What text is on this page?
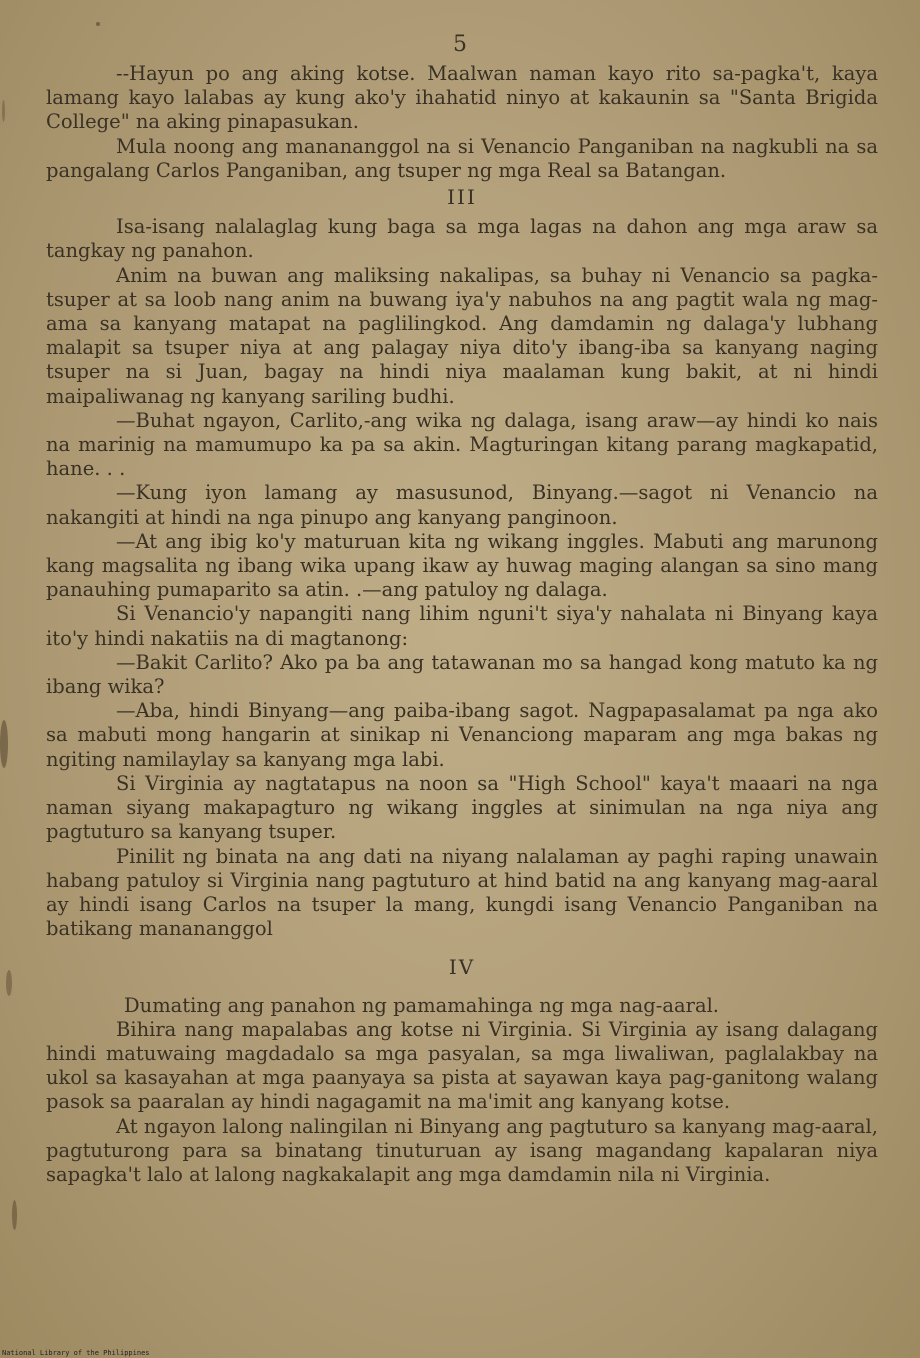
5

--Hayun po ang aking kotse. Maalwan naman kayo rito sa-pagka't, kaya lamang kayo lalabas ay kung ako'y ihahatid ninyo at kakaunin sa "Santa Brigida College" na aking pinapasukan.

Mula noong ang manananggol na si Venancio Panganiban na nagkubli na sa pangalang Carlos Panganiban, ang tsuper ng mga Real sa Batangan.

III

Isa-isang nalalaglag kung baga sa mga lagas na dahon ang mga araw sa tangkay ng panahon.

Anim na buwan ang maliksing nakalipas, sa buhay ni Venancio sa pagka-tsuper at sa loob nang anim na buwang iya'y nabuhos na ang pagtit wala ng mag-ama sa kanyang matapat na paglilingkod. Ang damdamin ng dalaga'y lubhang malapit sa tsuper niya at ang palagay niya dito'y ibang-iba sa kanyang naging tsuper na si Juan, bagay na hindi niya maalaman kung bakit, at ni hindi maipaliwanag ng kanyang sariling budhi.

—Buhat ngayon, Carlito,-ang wika ng dalaga, isang araw—ay hindi ko nais na marinig na mamumupo ka pa sa akin. Magturingan kitang parang magkapatid, hane. . .

—Kung iyon lamang ay masusunod, Binyang.—sagot ni Venancio na nakangiti at hindi na nga pinupo ang kanyang panginoon.

—At ang ibig ko'y maturuan kita ng wikang inggles. Mabuti ang marunong kang magsalita ng ibang wika upang ikaw ay huwag maging alangan sa sino mang panauhing pumaparito sa atin. .—ang patuloy ng dalaga.

Si Venancio'y napangiti nang lihim nguni't siya'y nahalata ni Binyang kaya ito'y hindi nakatiis na di magtanong:

—Bakit Carlito? Ako pa ba ang tatawanan mo sa hangad kong matuto ka ng ibang wika?

—Aba, hindi Binyang—ang paiba-ibang sagot. Nagpapasalamat pa nga ako sa mabuti mong hangarin at sinikap ni Venanciong maparam ang mga bakas ng ngiting namilaylay sa kanyang mga labi.

Si Virginia ay nagtatapus na noon sa "High School" kaya't maaari na nga naman siyang makapagturo ng wikang inggles at sinimulan na nga niya ang pagtuturo sa kanyang tsuper.

Pinilit ng binata na ang dati na niyang nalalaman ay paghi raping unawain habang patuloy si Virginia nang pagtuturo at hind batid na ang kanyang mag-aaral ay hindi isang Carlos na tsuper la mang, kungdi isang Venancio Panganiban na batikang manananggol

IV

Dumating ang panahon ng pamamahinga ng mga nag-aaral.

Bihira nang mapalabas ang kotse ni Virginia. Si Virginia ay isang dalagang hindi matuwaing magdadalo sa mga pasyalan, sa mga liwaliwan, paglalakbay na ukol sa kasayahan at mga paanyaya sa pista at sayawan kaya pag-ganitong walang pasok sa paaralan ay hindi nagagamit na ma'imit ang kanyang kotse.

At ngayon lalong nalingilan ni Binyang ang pagtuturo sa kanyang mag-aaral, pagtuturong para sa binatang tinuturuan ay isang magandang kapalaran niya sapagka't lalo at lalong nagkakalapit ang mga damdamin nila ni Virginia.

National Library of the Philippines
